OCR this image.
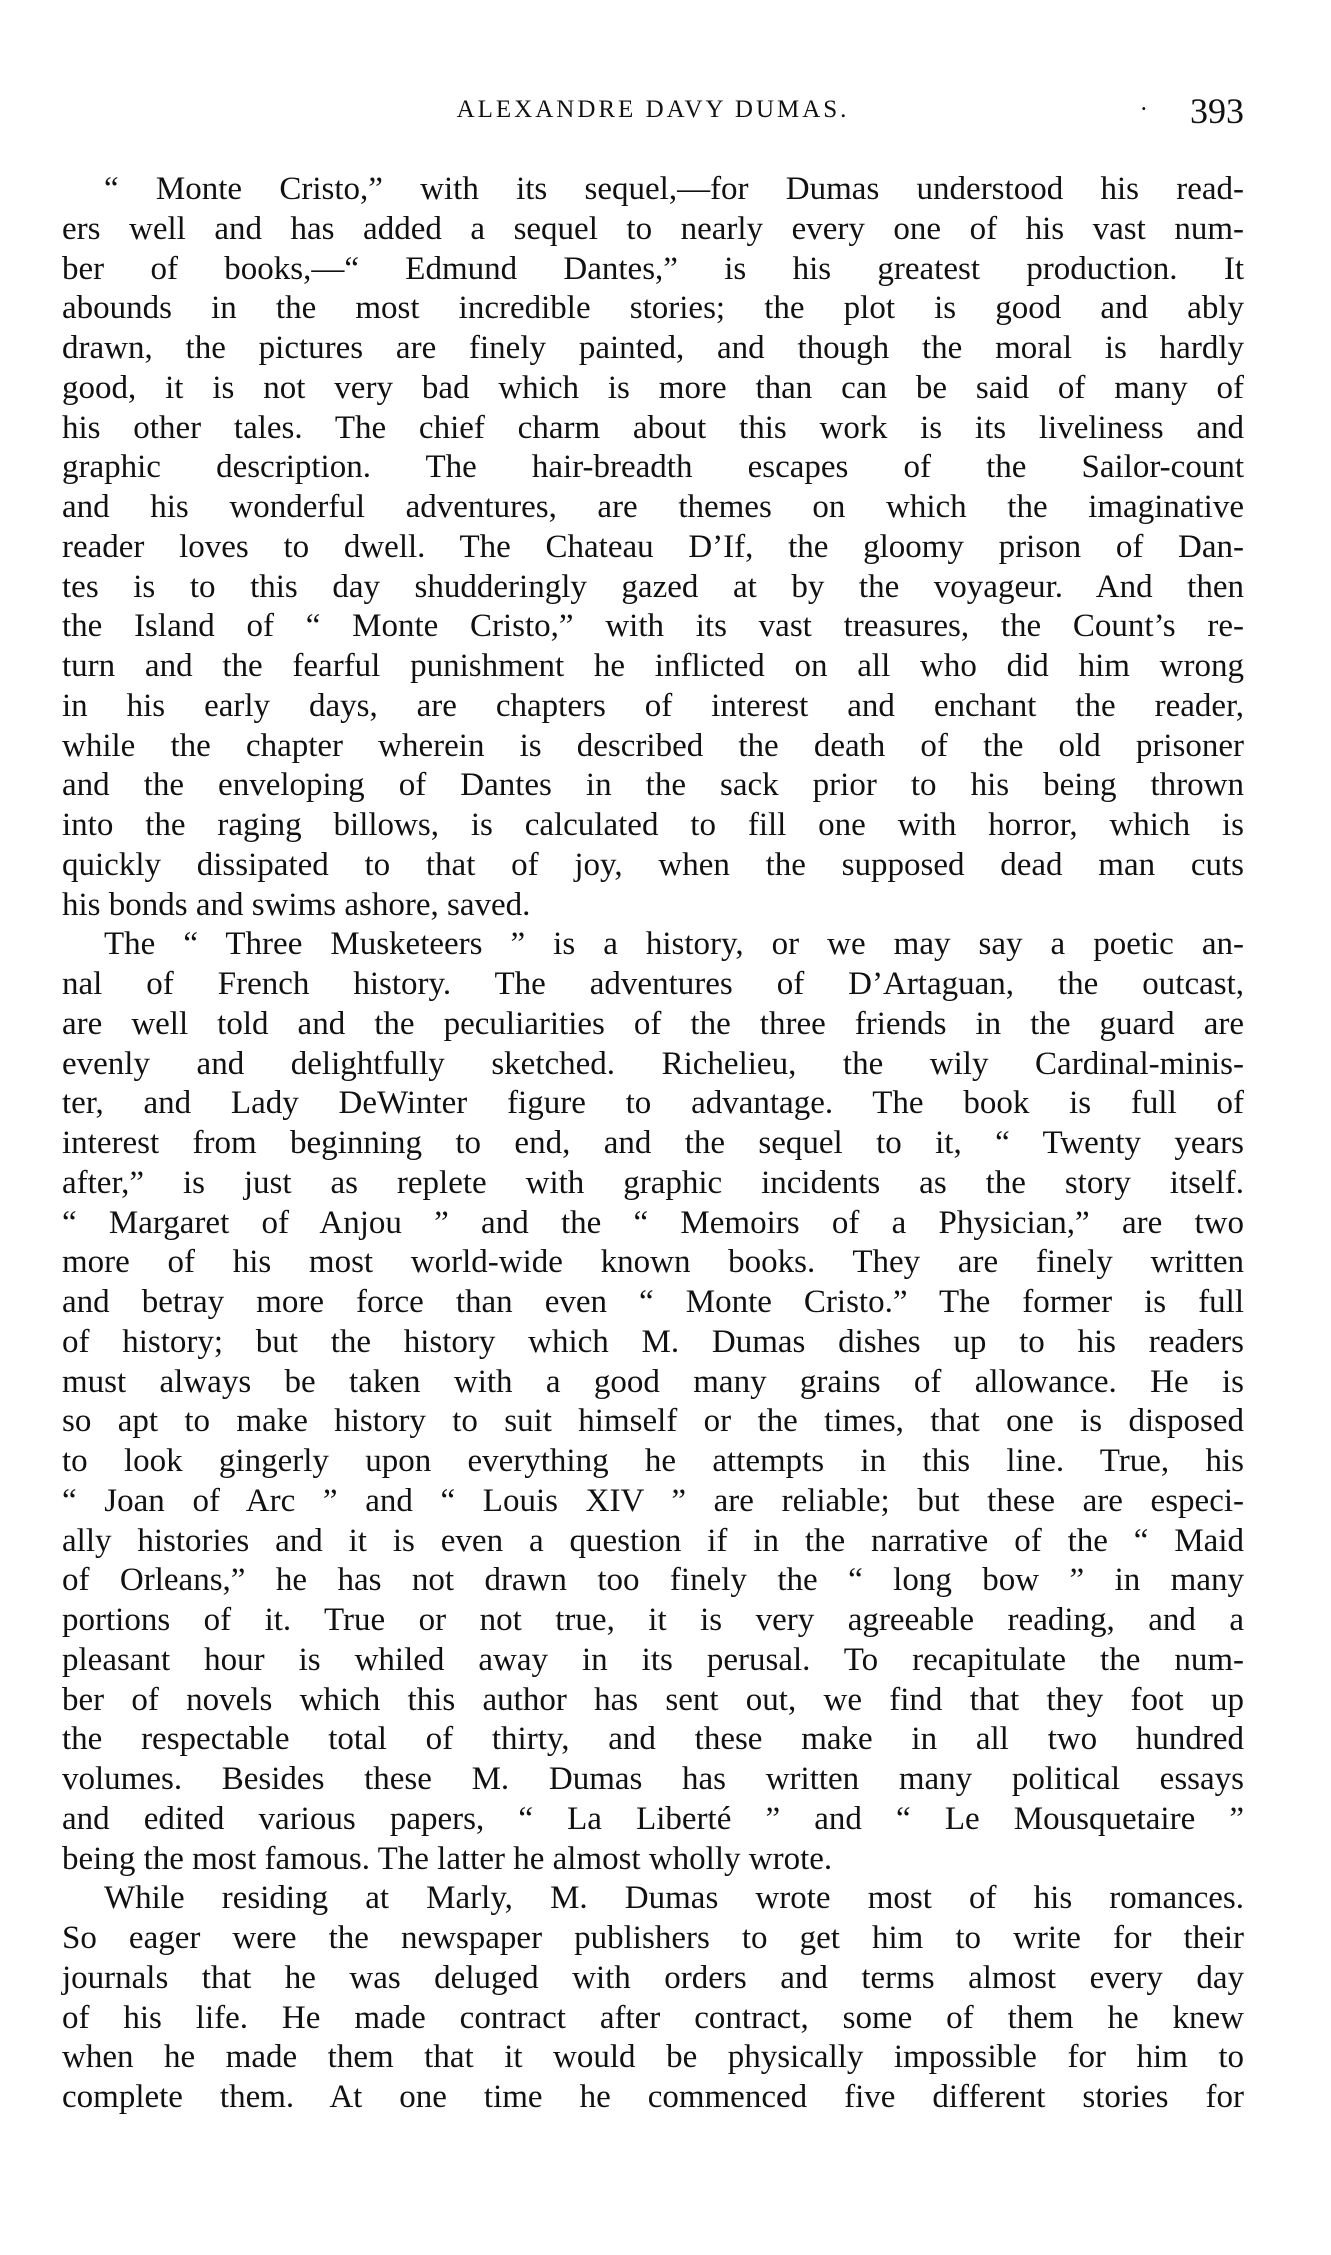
ALEXANDRE DAVY DUMAS.	· 393
“ Monte Cristo,” with its sequel,—for Dumas understood his read-
ers well and has added a sequel to nearly every one of his vast num-
ber of books,—“ Edmund Dantes,” is his greatest production. It
abounds in the most incredible stories; the plot is good and ably
drawn, the pictures are finely painted, and though the moral is hardly
good, it is not very bad which is more than can be said of many of
his other tales. The chief charm about this work is its liveliness and
graphic description. The hair-breadth escapes of the Sailor-count
and his wonderful adventures, are themes on which the imaginative
reader loves to dwell. The Chateau D’If, the gloomy prison of Dan-
tes is to this day shudderingly gazed at by the voyageur. And then
the Island of “ Monte Cristo,” with its vast treasures, the Count’s re-
turn and the fearful punishment he inflicted on all who did him wrong
in his early days, are chapters of interest and enchant the reader,
while the chapter wherein is described the death of the old prisoner
and the enveloping of Dantes in the sack prior to his being thrown
into the raging billows, is calculated to fill one with horror, which is
quickly dissipated to that of joy, when the supposed dead man cuts
his bonds and swims ashore, saved.
The “ Three Musketeers ” is a history, or we may say a poetic an-
nal of French history. The adventures of D’Artaguan, the outcast,
are well told and the peculiarities of the three friends in the guard are
evenly and delightfully sketched. Richelieu, the wily Cardinal-minis-
ter, and Lady DeWinter figure to advantage. The book is full of
interest from beginning to end, and the sequel to it, “ Twenty years
after,” is just as replete with graphic incidents as the story itself.
“ Margaret of Anjou ” and the “ Memoirs of a Physician,” are two
more of his most world-wide known books. They are finely written
and betray more force than even “ Monte Cristo.” The former is full
of history; but the history which M. Dumas dishes up to his readers
must always be taken with a good many grains of allowance. He is
so apt to make history to suit himself or the times, that one is disposed
to look gingerly upon everything he attempts in this line. True, his
“ Joan of Arc ” and “ Louis XIV ” are reliable; but these are especi-
ally histories and it is even a question if in the narrative of the “ Maid
of Orleans,” he has not drawn too finely the “ long bow ” in many
portions of it. True or not true, it is very agreeable reading, and a
pleasant hour is whiled away in its perusal. To recapitulate the num-
ber of novels which this author has sent out, we find that they foot up
the respectable total of thirty, and these make in all two hundred
volumes. Besides these M. Dumas has written many political essays
and edited various papers, “ La Liberté ” and “ Le Mousquetaire ”
being the most famous. The latter he almost wholly wrote.
While residing at Marly, M. Dumas wrote most of his romances.
So eager were the newspaper publishers to get him to write for their
journals that he was deluged with orders and terms almost every day
of his life. He made contract after contract, some of them he knew
when he made them that it would be physically impossible for him to
complete them. At one time he commenced five different stories for
